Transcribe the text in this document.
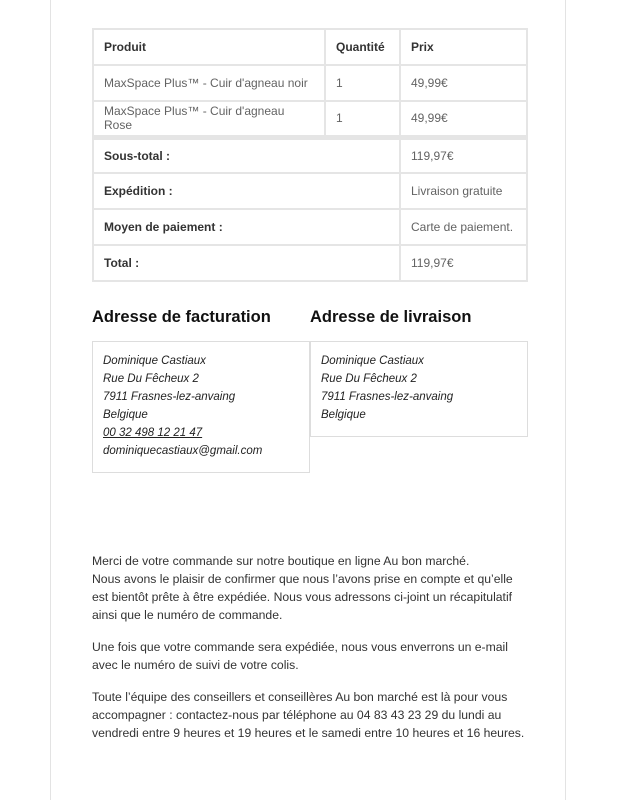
Produit	Quantité	Prix
MaxSpace Plus™ - Cuir d'agneau noir	1	49,99€
MaxSpace Plus™ - Cuir d'agneau Rose	1	49,99€
Sous-total :		119,97€
Expédition :		Livraison gratuite
Moyen de paiement :		Carte de paiement.
Total :		119,97€
Adresse de facturation
Dominique Castiaux
Rue Du Fêcheux 2
7911 Frasnes-lez-anvaing
Belgique
00 32 498 12 21 47
dominiquecastiaux@gmail.com
Adresse de livraison
Dominique Castiaux
Rue Du Fêcheux 2
7911 Frasnes-lez-anvaing
Belgique

Merci de votre commande sur notre boutique en ligne Au bon marché.
Nous avons le plaisir de confirmer que nous l’avons prise en compte et qu’elle est bientôt prête à être expédiée. Nous vous adressons ci-joint un récapitulatif ainsi que le numéro de commande.

Une fois que votre commande sera expédiée, nous vous enverrons un e-mail avec le numéro de suivi de votre colis.

Toute l’équipe des conseillers et conseillères Au bon marché est là pour vous accompagner : contactez-nous par téléphone au 04 83 43 23 29 du lundi au vendredi entre 9 heures et 19 heures et le samedi entre 10 heures et 16 heures.
